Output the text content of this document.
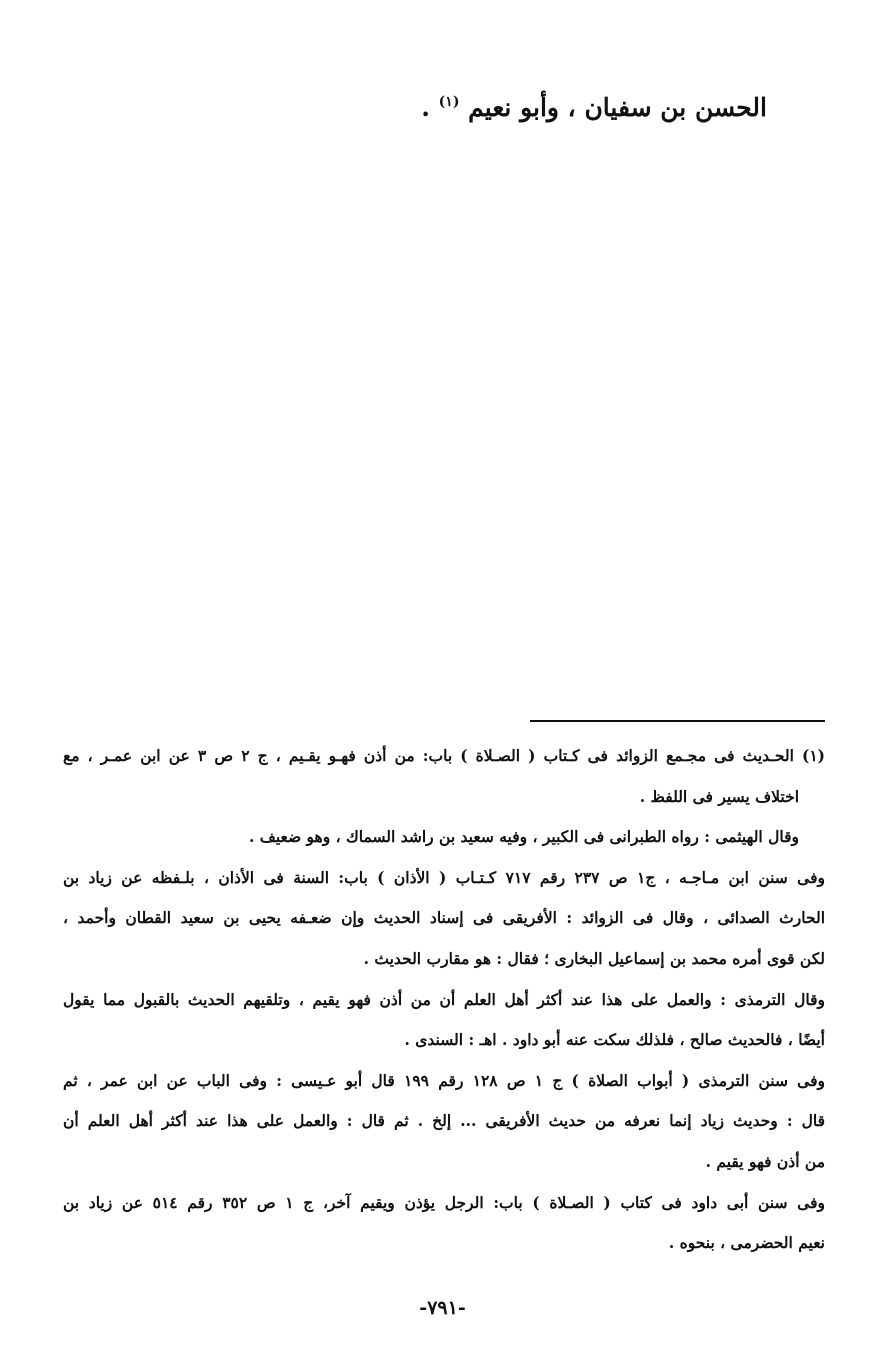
الحسن بن سفيان ، وأبو نعيم $^{(١)}$ .
(١) الحـديث فى مجـمع الزوائد فى كـتاب ( الصـلاة ) باب: من أذن فهـو يقـيم ، ج ٢ ص ٣ عن ابن عمـر ، مع
اختلاف يسير فى اللفظ .
وقال الهيثمى : رواه الطبرانى فى الكبير ، وفيه سعيد بن راشد السماك ، وهو ضعيف .
وفى سنن ابن مـاجـه ، ج١ ص ٢٣٧ رقم ٧١٧ كـتـاب ( الأذان ) باب: السنة فى الأذان ، بلـفظه عن زياد بن
الحارث الصدائى ، وقال فى الزوائد : الأفريقى فى إسناد الحديث وإن ضعـفه يحيى بن سعيد القطان وأحمد ،
لكن قوى أمره محمد بن إسماعيل البخارى ؛ فقال : هو مقارب الحديث .
وقال الترمذى : والعمل على هذا عند أكثر أهل العلم أن من أذن فهو يقيم ، وتلقيهم الحديث بالقبول مما يقول
أيضًا ، فالحديث صالح ، فلذلك سكت عنه أبو داود . اهـ : السندى .
وفى سنن الترمذى ( أبواب الصلاة ) ج ١ ص ١٢٨ رقم ١٩٩ قال أبو عـيسى : وفى الباب عن ابن عمر ، ثم
قال : وحديث زياد إنما نعرفه من حديث الأفريقى ... إلخ . ثم قال : والعمل على هذا عند أكثر أهل العلم أن
من أذن فهو يقيم .
وفى سنن أبى داود فى كتاب ( الصـلاة ) باب: الرجل يؤذن ويقيم آخر، ج ١ ص ٣٥٢ رقم ٥١٤ عن زياد بن
نعيم الحضرمى ، بنحوه .
-٧٩١-
